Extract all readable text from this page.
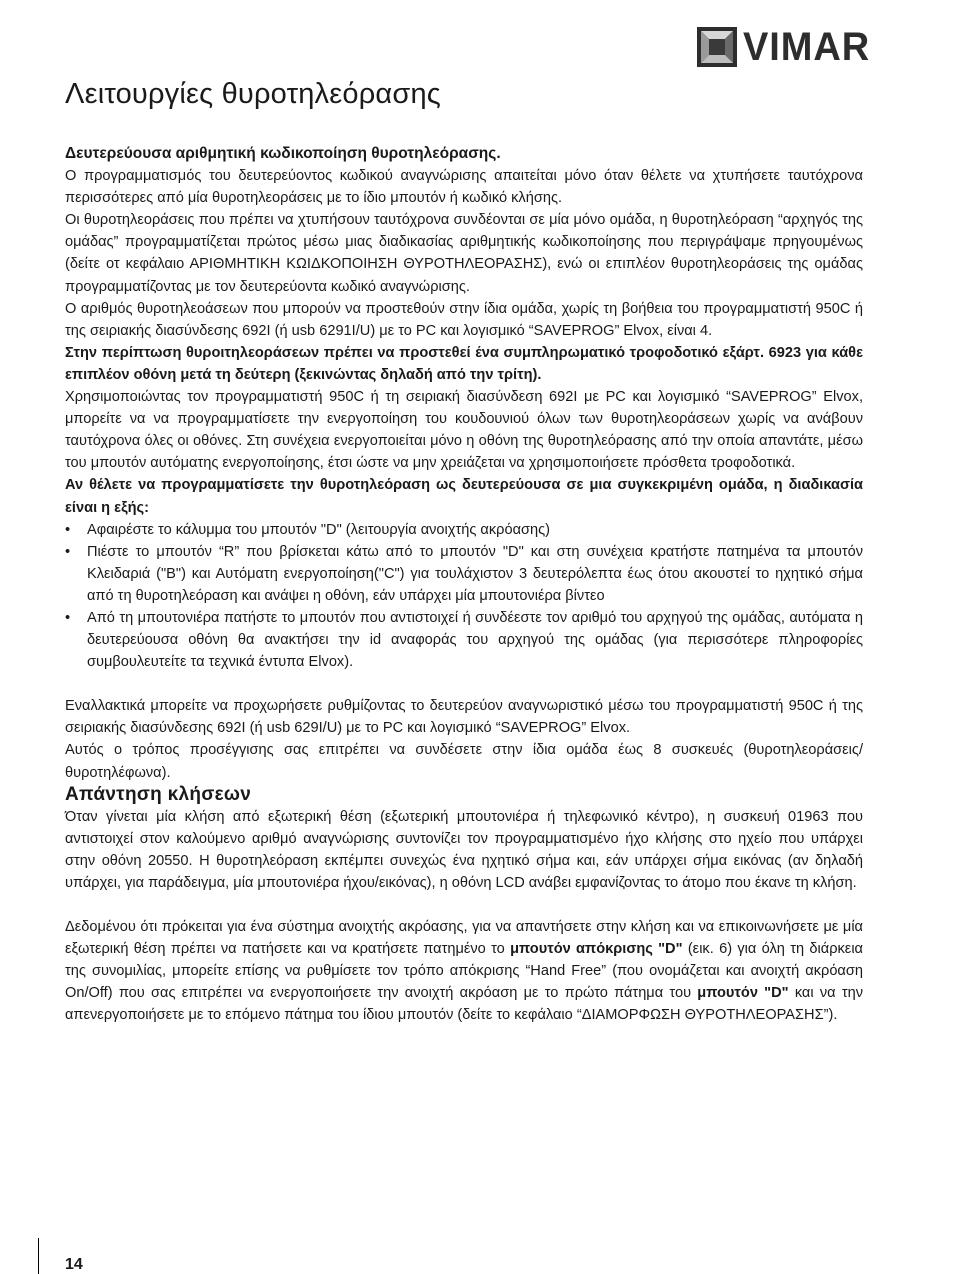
VIMAR
Λειτουργίες θυροτηλεόρασης

Δευτερεύουσα αριθμητική κωδικοποίηση θυροτηλεόρασης.

Ο προγραμματισμός του δευτερεύοντος κωδικού αναγνώρισης απαιτείται μόνο όταν θέλετε να χτυπήσετε ταυτόχρονα περισσότερες από μία θυροτηλεοράσεις με το ίδιο μπουτόν ή κωδικό κλήσης.

Οι θυροτηλεοράσεις που πρέπει να χτυπήσουν ταυτόχρονα συνδέονται σε μία μόνο ομάδα, η θυροτηλεόραση “αρχηγός της ομάδας” προγραμματίζεται πρώτος μέσω μιας διαδικασίας αριθμητικής κωδικοποίησης που περιγράψαμε πρηγουμένως (δείτε οτ κεφάλαιο ΑΡΙΘΜΗΤΙΚΗ ΚΩΙΔΚΟΠΟΙΗΣΗ ΘΥΡΟΤΗΛΕΟΡΑΣΗΣ), ενώ οι επιπλέον θυροτηλεοράσεις της ομάδας προγραμματίζοντας με τον δευτερεύοντα κωδικό αναγνώρισης.

Ο αριθμός θυροτηλεοάσεων που μπορούν να προστεθούν στην ίδια ομάδα, χωρίς τη βοήθεια του προγραμματιστή 950C ή της σειριακής διασύνδεσης 692I (ή usb 6291I/U) με το PC και λογισμικό “SAVEPROG” Elvox, είναι 4.

Στην περίπτωση θυροιτηλεοράσεων πρέπει να προστεθεί ένα συμπληρωματικό τροφοδοτικό εξάρτ. 6923 για κάθε επιπλέον οθόνη μετά τη δεύτερη (ξεκινώντας δηλαδή από την τρίτη).

Χρησιμοποιώντας τον προγραμματιστή 950C ή τη σειριακή διασύνδεση 692I με PC και λογισμικό “SAVEPROG” Elvox, μπορείτε να να προγραμματίσετε την ενεργοποίηση του κουδουνιού όλων των θυροτηλεοράσεων χωρίς να ανάβουν ταυτόχρονα όλες οι οθόνες. Στη συνέχεια ενεργοποιείται μόνο η οθόνη της θυροτηλεόρασης από την οποία απαντάτε, μέσω του μπουτόν αυτόματης ενεργοποίησης, έτσι ώστε να μην χρειάζεται να χρησιμοποιήσετε πρόσθετα τροφοδοτικά.

Αν θέλετε να προγραμματίσετε την θυροτηλεόραση ως δευτερεύουσα σε μια συγκεκριμένη ομάδα, η διαδικασία είναι η εξής:

• Αφαιρέστε το κάλυμμα του μπουτόν "D" (λειτουργία ανοιχτής ακρόασης)
• Πιέστε το μπουτόν “R” που βρίσκεται κάτω από το μπουτόν "D" και στη συνέχεια κρατήστε πατημένα τα μπουτόν Κλειδαριά ("B") και Αυτόματη ενεργοποίηση("C") για τουλάχιστον 3 δευτερόλεπτα έως ότου ακουστεί το ηχητικό σήμα από τη θυροτηλεόραση και ανάψει η οθόνη, εάν υπάρχει μία μπουτονιέρα βίντεο
• Από τη μπουτονιέρα πατήστε το μπουτόν που αντιστοιχεί ή συνδέεστε τον αριθμό του αρχηγού της ομάδας, αυτόματα η δευτερεύουσα οθόνη θα ανακτήσει την id αναφοράς του αρχηγού της ομάδας (για περισσότερε πληροφορίες συμβουλευτείτε τα τεχνικά έντυπα Elvox).

Εναλλακτικά μπορείτε να προχωρήσετε ρυθμίζοντας το δευτερεύον αναγνωριστικό μέσω του προγραμματιστή 950C ή της σειριακής διασύνδεσης 692I (ή usb 629I/U) με το PC και λογισμικό “SAVEPROG” Elvox.

Αυτός ο τρόπος προσέγγισης σας επιτρέπει να συνδέσετε στην ίδια ομάδα έως 8 συσκευές (θυροτηλεοράσεις/ θυροτηλέφωνα).

Απάντηση κλήσεων

Όταν γίνεται μία κλήση από εξωτερική θέση (εξωτερική μπουτονιέρα ή τηλεφωνικό κέντρο), η συσκευή 01963 που αντιστοιχεί στον καλούμενο αριθμό αναγνώρισης συντονίζει τον προγραμματισμένο ήχο κλήσης στο ηχείο που υπάρχει στην οθόνη 20550. Η θυροτηλεόραση εκπέμπει συνεχώς ένα ηχητικό σήμα και, εάν υπάρχει σήμα εικόνας (αν δηλαδή υπάρχει, για παράδειγμα, μία μπουτονιέρα ήχου/εικόνας), η οθόνη LCD ανάβει εμφανίζοντας το άτομο που έκανε τη κλήση.

Δεδομένου ότι πρόκειται για ένα σύστημα ανοιχτής ακρόασης, για να απαντήσετε στην κλήση και να επικοινωνήσετε με μία εξωτερική θέση πρέπει να πατήσετε και να κρατήσετε πατημένο το μπουτόν απόκρισης "D" (εικ. 6) για όλη τη διάρκεια της συνομιλίας, μπορείτε επίσης να ρυθμίσετε τον τρόπο απόκρισης “Hand Free” (που ονομάζεται και ανοιχτή ακρόαση On/Off) που σας επιτρέπει να ενεργοποιήσετε την ανοιχτή ακρόαση με το πρώτο πάτημα του μπουτόν "D" και να την απενεργοποιήσετε με το επόμενο πάτημα του ίδιου μπουτόν (δείτε το κεφάλαιο “ΔΙΑΜΟΡΦΩΣΗ ΘΥΡΟΤΗΛΕΟΡΑΣΗΣ”).

14
